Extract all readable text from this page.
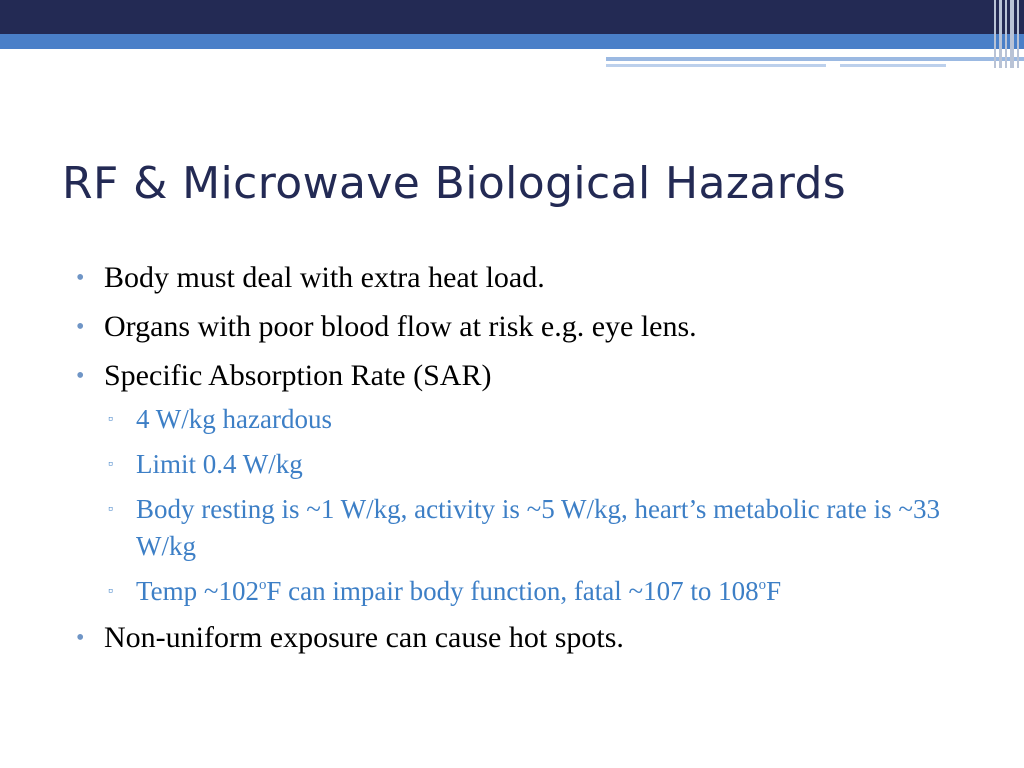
RF & Microwave Biological Hazards
• Body must deal with extra heat load.
• Organs with poor blood flow at risk e.g. eye lens.
• Specific Absorption Rate (SAR)
▫ 4 W/kg hazardous
▫ Limit 0.4 W/kg
▫ Body resting is ~1 W/kg, activity is ~5 W/kg, heart’s metabolic rate is ~33 W/kg
▫ Temp ~102$^o$F can impair body function, fatal ~107 to 108$^o$F
• Non-uniform exposure can cause hot spots.
